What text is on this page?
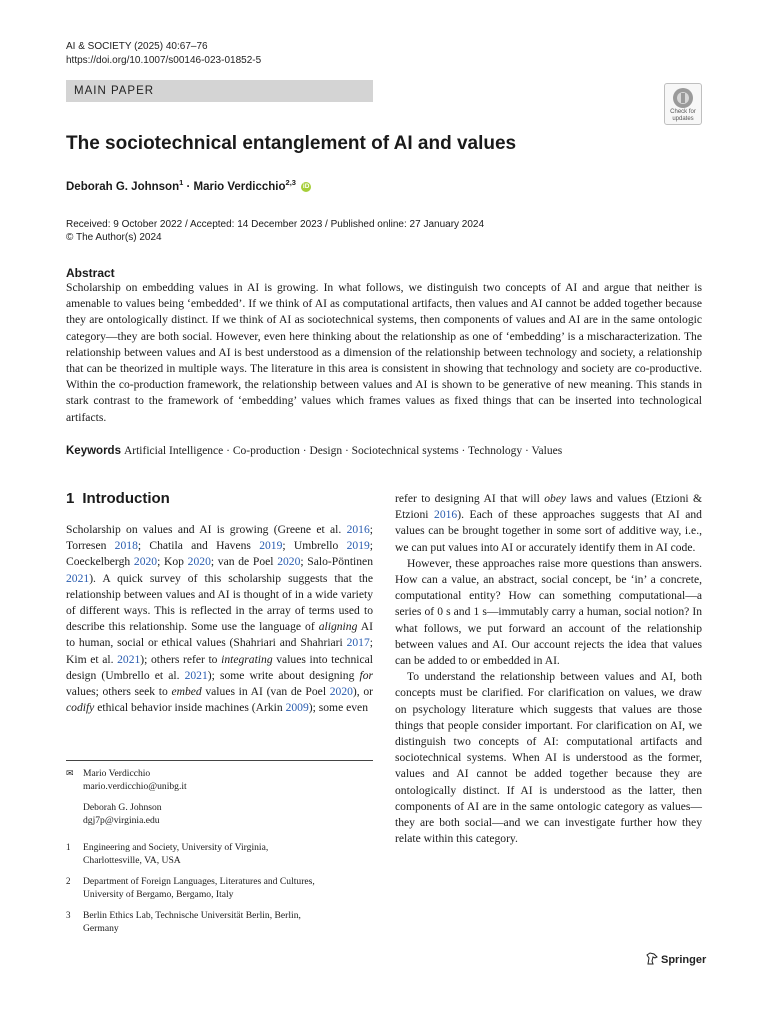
AI & SOCIETY (2025) 40:67–76
https://doi.org/10.1007/s00146-023-01852-5
MAIN PAPER
Check for
updates
The sociotechnical entanglement of AI and values
Deborah G. Johnson$^1$ · Mario Verdicchio$^{2,3}$ iD
Received: 9 October 2022 / Accepted: 14 December 2023 / Published online: 27 January 2024
© The Author(s) 2024
Abstract

Scholarship on embedding values in AI is growing. In what follows, we distinguish two concepts of AI and argue that neither is amenable to values being ‘embedded’. If we think of AI as computational artifacts, then values and AI cannot be added together because they are ontologically distinct. If we think of AI as sociotechnical systems, then components of values and AI are in the same ontologic category—they are both social. However, even here thinking about the relationship as one of ‘embedding’ is a mischaracterization. The relationship between values and AI is best understood as a dimension of the relationship between technology and society, a relationship that can be theorized in multiple ways. The literature in this area is consistent in showing that technology and society are co-productive. Within the co-production framework, the relationship between values and AI is shown to be generative of new meaning. This stands in stark contrast to the framework of ‘embedding’ values which frames values as fixed things that can be inserted into technological artifacts.

Keywords Artificial Intelligence · Co-production · Design · Sociotechnical systems · Technology · Values
1 Introduction

Scholarship on values and AI is growing (Greene et al. 2016; Torresen 2018; Chatila and Havens 2019; Umbrello 2019; Coeckelbergh 2020; Kop 2020; van de Poel 2020; Salo-Pöntinen 2021). A quick survey of this scholarship suggests that the relationship between values and AI is thought of in a wide variety of different ways. This is reflected in the array of terms used to describe this relationship. Some use the language of aligning AI to human, social or ethical values (Shahriari and Shahriari 2017; Kim et al. 2021); others refer to integrating values into technical design (Umbrello et al. 2021); some write about designing for values; others seek to embed values in AI (van de Poel 2020), or codify ethical behavior inside machines (Arkin 2009); some even

refer to designing AI that will obey laws and values (Etzioni & Etzioni 2016). Each of these approaches suggests that AI and values can be brought together in some sort of additive way, i.e., we can put values into AI or accurately identify them in AI code.

However, these approaches raise more questions than answers. How can a value, an abstract, social concept, be ‘in’ a concrete, computational entity? How can something computational—a series of 0 s and 1 s—immutably carry a human, social notion? In what follows, we put forward an account of the relationship between values and AI. Our account rejects the idea that values can be added to or embedded in AI.

To understand the relationship between values and AI, both concepts must be clarified. For clarification on values, we draw on psychology literature which suggests that values are those things that people consider important. For clarification on AI, we distinguish two concepts of AI: computational artifacts and sociotechnical systems. When AI is understood as the former, values and AI cannot be added together because they are ontologically distinct. If AI is understood as the latter, then components of AI are in the same ontologic category as values—they are both social—and we can investigate further how they relate within this category.

✉ Mario Verdicchio
mario.verdicchio@unibg.it
Deborah G. Johnson
dgj7p@virginia.edu
1 Engineering and Society, University of Virginia,
Charlottesville, VA, USA
2 Department of Foreign Languages, Literatures and Cultures,
University of Bergamo, Bergamo, Italy
3 Berlin Ethics Lab, Technische Universität Berlin, Berlin,
Germany
Springer
